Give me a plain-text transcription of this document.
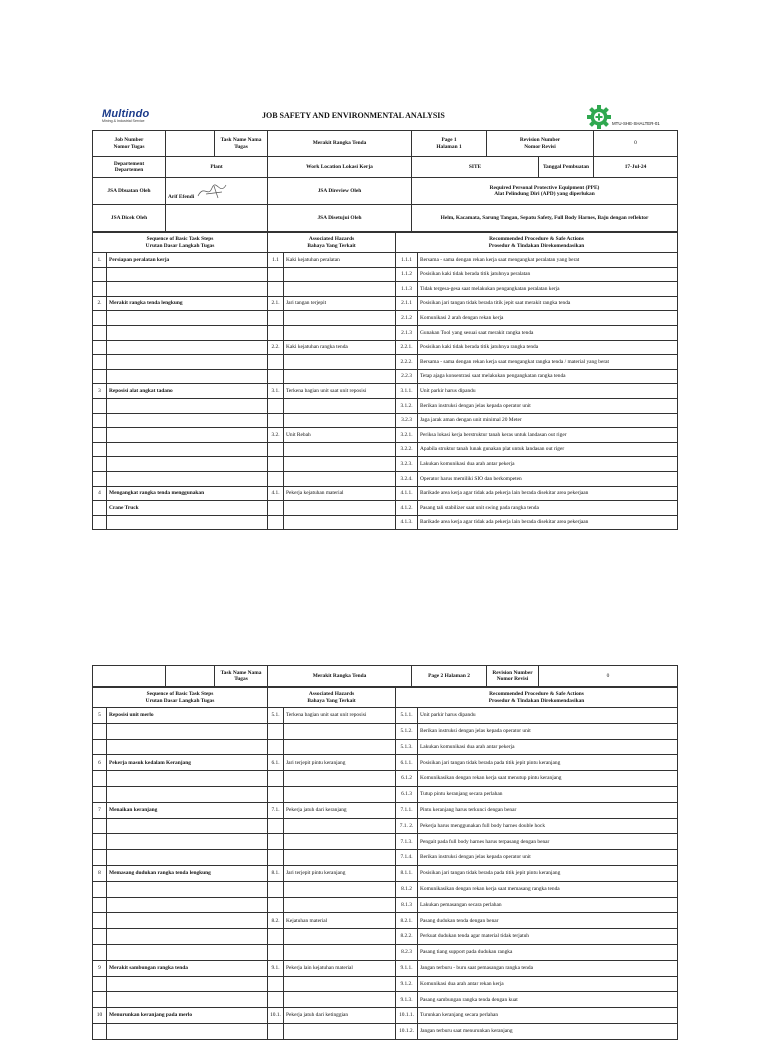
Multindo
Mining & Industrial Service
JOB SAFETY AND ENVIRONMENTAL ANALYSIS
MTU-SHE-SHALTER-01
Job Number
Nomor Tugas		Task Name Nama Tugas	Merakit Rangka Tenda	Page 1
Halaman 1	Revision Number
Nomor Revisi		0
Departement
Departemen	Plant		Work Location Lokasi Kerja	SITE		Tanggal Pembuatan	17-Jul-24
JSA Dbuatan Oleh	Arif Efendi		JSA Direview Oleh	Required Personal Protective Equipment (PPE)
Alat Pelindung Diri (APD) yang diperlukan			
JSA Dicek Oleh			JSA Disetujui Oleh	Helm, Kacamata, Sarung Tangan, Sepatu Safety, Full Body Harnes, Baju dengan reflektor			
Sequence of Basic Task Steps
Urutan Dasar Langkah Tugas		Associated Hazards
Bahaya Yang Terkait		Recommended Procedure & Safe Actions
Prosedur & Tindakan Direkomendasikan	
1.	Persiapan peralatan kerja	1.1	Kaki kejatuhan peralatan	1.1.1	Bersama - sama dengan rekan kerja saat mengangkat peralatan yang berat
				1.1.2	Posisikan kaki tidak berada titik jatuhnya peralatan
				1.1.3	Tidak tergesa-gesa saat melakukan pengangkatan peralatan kerja
2.	Merakit rangka tenda lengkung	2.1.	Jari tangan terjepit	2.1.1	Posisikan jari tangan tidak berada titik jepit saat merakit rangka tenda
				2.1.2	Komunikasi 2 arah dengan rekan kerja
				2.1.3	Gunakan Tool yang sesuai saat merakit rangka tenda
		2.2.	Kaki kejatuhan rangka tenda	2.2.1.	Posisikan kaki tidak berada titik jatuhnya rangka tenda
				2.2.2.	Bersama - sama dengan rekan kerja saat mengangkat rangka tenda / material yang berat
				2.2.3	Tetap ajaga konsentrasi saat melakukan pengangkatan rangka tenda
3	Reposisi alat angkat tadano	3.1.	Terkena bagian unit saat unit reposisi	3.1.1.	Unit parkir harus dipandu
				3.1.2.	Berikan instruksi dengan jelas kepada operator unit
				3.2.3	Jaga jarak aman dengan unit minimal 20 Meter
		3.2.	Unit Rebah	3.2.1.	Periksa lokasi kerja berstruktur tanah keras untuk landasan out riger
				3.2.2.	Apabila struktur tanah lunak gunakan plat untuk landasan out riger
				3.2.3.	Lakukan komunikasi dua arah antar pekerja
				3.2.4.	Operator harus memiliki SIO dan berkompeten
4	Mengangkat rangka tenda menggunakan	4.1.	Pekerja kejatuhan material	4.1.1.	Barikade area kerja agar tidak ada pekerja lain berada disekitar area pekerjaan
	Crane Truck			4.1.2.	Pasang tali stabilizer saat unit swing pada rangka tenda
				4.1.3.	Barikade area kerja agar tidak ada pekerja lain berada disekitar area pekerjaan
		Task Name Nama Tugas	Merakit Rangka Tenda	Page 2 Halaman 2	Revision Number
Nomor Revisi	0
Sequence of Basic Task Steps
Urutan Dasar Langkah Tugas		Associated Hazards
Bahaya Yang Terkait		Recommended Procedure & Safe Actions
Prosedur & Tindakan Direkomendasikan	
5	Reposisi unit merlo	5.1.	Terkena bagian unit saat unit reposisi	5.1.1.	Unit parkir harus dipandu
				5.1.2.	Berikan instruksi dengan jelas kepada operator unit
				5.1.3.	Lakukan komunikasi dua arah antar pekerja
6	Pekerja masuk kedalam Keranjang	6.1.	Jari terjepit pintu keranjang	6.1.1.	Posisikan jari tangan tidak berada pada titik jepit pintu keranjang
				6.1.2	Komunikasikan dengan rekan kerja saat menutup pintu keranjang
				6.1.3	Tutup pintu keranjang secara perlahan
7	Menaikan keranjang	7.1.	Pekerja jatuh dari keranjang	7.1.1.	Pintu keranjang harus terkunci dengan benar
				7.1. 2.	Pekerja harus menggunakan full body harnes double hock
				7.1.3.	Pengait pada full body harnes harus terpasang dengan benar
				7.1.4.	Berikan instruksi dengan jelas kepada operator unit
8	Memasang dudukan rangka tenda lengkung	8.1.	Jari terjepit pintu keranjang	8.1.1.	Posisikan jari tangan tidak berada pada titik jepit pintu keranjang
				8.1.2	Komunikasikan dengan rekan kerja saat memasang rangka tenda
				8.1.3	Lakukan pemasangan secara perlahan
		8.2.	Kejatuhan material	8.2.1.	Pasang dudukan tenda dengan benar
				8.2.2.	Perkuat dudukan tenda agar material tidak terjatuh
				8.2.3	Pasang tiang support pada dudukan rangka
9	Merakit sambungan rangka tenda	9.1.	Pekerja lain kejatuhan material	9.1.1.	Jangan terburu - buru saat pemasangan rangka tenda
				9.1.2.	Komunikasi dua arah antar rekan kerja
				9.1.3.	Pasang sambungan rangka tenda dengan kuat
10	Menurunkan keranjang pada merlo	10.1.	Pekerja jatuh dari ketinggian	10.1.1.	Turunkan keranjang secara perlahan
				10.1.2.	Jangan terburu saat menurunkan keranjang
